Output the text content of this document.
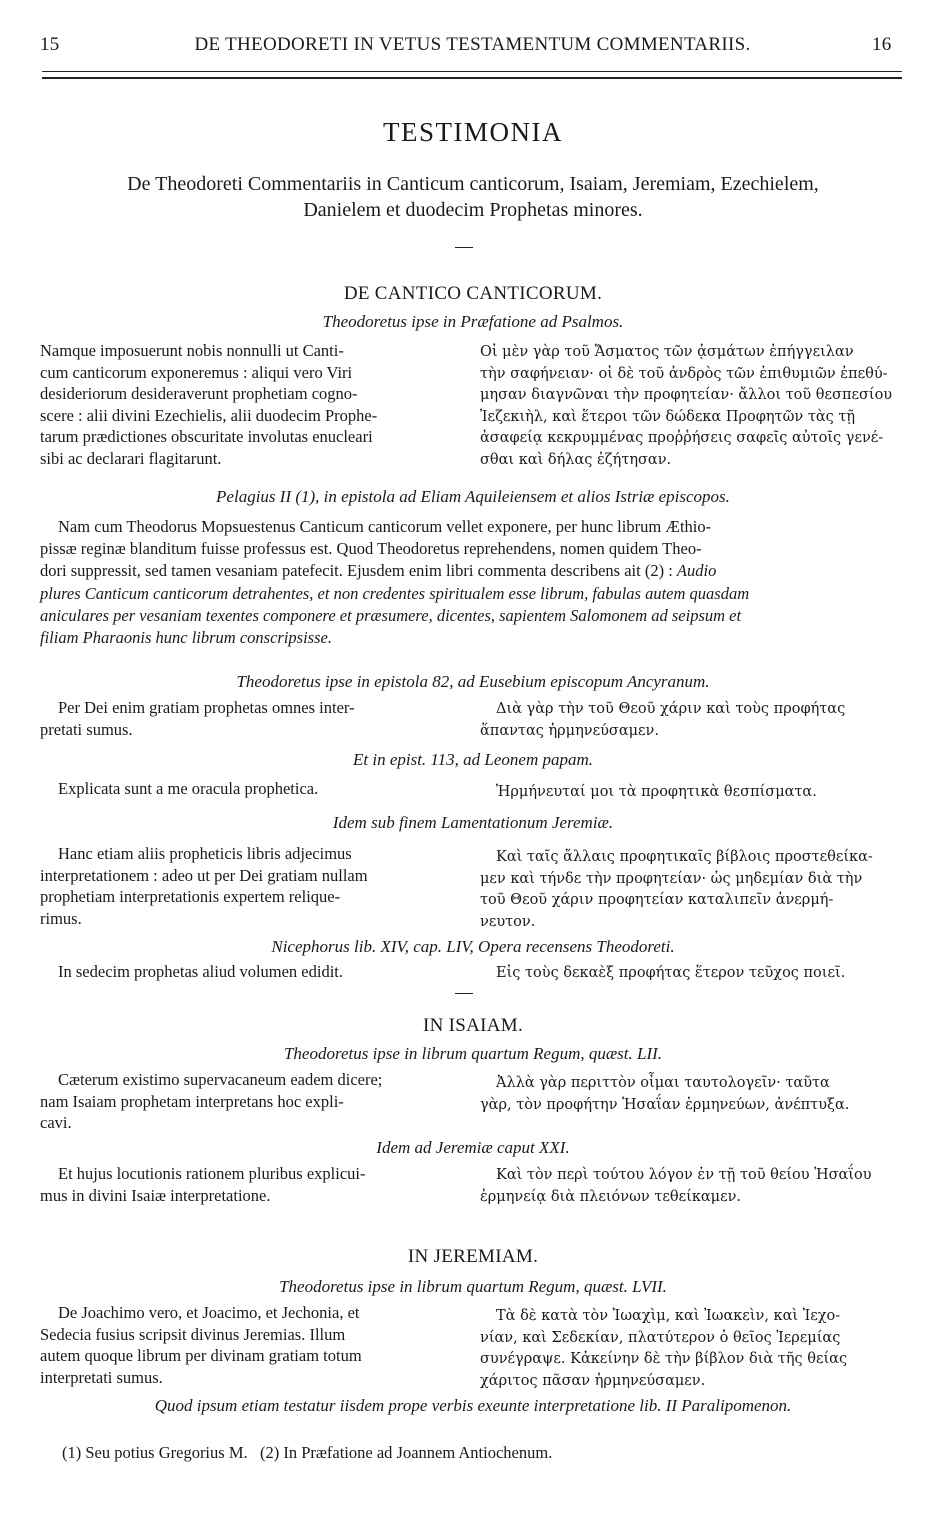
15	DE THEODORETI IN VETUS TESTAMENTUM COMMENTARIIS.	16
TESTIMONIA
De Theodoreti Commentariis in Canticum canticorum, Isaiam, Jeremiam, Ezechielem,
Danielem et duodecim Prophetas minores.
DE CANTICO CANTICORUM.
Theodoretus ipse in Præfatione ad Psalmos.
Namque imposuerunt nobis nonnulli ut Canti-
cum canticorum exponeremus : aliqui vero Viri
desideriorum desideraverunt prophetiam cogno-
scere : alii divini Ezechielis, alii duodecim Prophe-
tarum prædictiones obscuritate involutas enucleari
sibi ac declarari flagitarunt.
Οἱ μὲν γὰρ τοῦ Ἄσματος τῶν ᾀσμάτων ἐπήγγειλαν
τὴν σαφήνειαν· οἱ δὲ τοῦ ἀνδρὸς τῶν ἐπιθυμιῶν ἐπεθύ-
μησαν διαγνῶναι τὴν προφητείαν· ἄλλοι τοῦ θεσπεσίου
Ἰεζεκιὴλ, καὶ ἕτεροι τῶν δώδεκα Προφητῶν τὰς τῇ
ἀσαφείᾳ κεκρυμμένας προῤῥήσεις σαφεῖς αὐτοῖς γενέ-
σθαι καὶ δήλας ἐζήτησαν.
Pelagius II (1), in epistola ad Eliam Aquileiensem et alios Istriæ episcopos.
Nam cum Theodorus Mopsuestenus Canticum canticorum vellet exponere, per hunc librum Æthio-
pissæ reginæ blanditum fuisse professus est. Quod Theodoretus reprehendens, nomen quidem Theo-
dori suppressit, sed tamen vesaniam patefecit. Ejusdem enim libri commenta describens ait (2) : Audio
plures Canticum canticorum detrahentes, et non credentes spiritualem esse librum, fabulas autem quasdam
aniculares per vesaniam texentes componere et præsumere, dicentes, sapientem Salomonem ad seipsum et
filiam Pharaonis hunc librum conscripsisse.
Theodoretus ipse in epistola 82, ad Eusebium episcopum Ancyranum.
Per Dei enim gratiam prophetas omnes inter-
pretati sumus.
Διὰ γὰρ τὴν τοῦ Θεοῦ χάριν καὶ τοὺς προφήτας
ἅπαντας ἡρμηνεύσαμεν.
Et in epist. 113, ad Leonem papam.
Explicata sunt a me oracula prophetica.	Ἡρμήνευταί μοι τὰ προφητικὰ θεσπίσματα.
Idem sub finem Lamentationum Jeremiæ.
Hanc etiam aliis propheticis libris adjecimus
interpretationem : adeo ut per Dei gratiam nullam
prophetiam interpretationis expertem relique-
rimus.
Καὶ ταῖς ἄλλαις προφητικαῖς βίβλοις προστεθείκα-
μεν καὶ τήνδε τὴν προφητείαν· ὡς μηδεμίαν διὰ τὴν
τοῦ Θεοῦ χάριν προφητείαν καταλιπεῖν ἀνερμή-
νευτον.
Nicephorus lib. XIV, cap. LIV, Opera recensens Theodoreti.
In sedecim prophetas aliud volumen edidit.	Εἰς τοὺς δεκαὲξ προφήτας ἕτερον τεῦχος ποιεῖ.
IN ISAIAM.
Theodoretus ipse in librum quartum Regum, quæst. LII.
Cæterum existimo supervacaneum eadem dicere;
nam Isaiam prophetam interpretans hoc expli-
cavi.
Ἀλλὰ γὰρ περιττὸν οἶμαι ταυτολογεῖν· ταῦτα
γὰρ, τὸν προφήτην Ἡσαΐαν ἑρμηνεύων, ἀνέπτυξα.
Idem ad Jeremiæ caput XXI.
Et hujus locutionis rationem pluribus explicui-
mus in divini Isaiæ interpretatione.
Καὶ τὸν περὶ τούτου λόγον ἐν τῇ τοῦ θείου Ἡσαΐου
ἑρμηνείᾳ διὰ πλειόνων τεθείκαμεν.
IN JEREMIAM.
Theodoretus ipse in librum quartum Regum, quæst. LVII.
De Joachimo vero, et Joacimo, et Jechonia, et
Sedecia fusius scripsit divinus Jeremias. Illum
autem quoque librum per divinam gratiam totum
interpretati sumus.
Τὰ δὲ κατὰ τὸν Ἰωαχὶμ, καὶ Ἰωακεὶν, καὶ Ἰεχο-
νίαν, καὶ Σεδεκίαν, πλατύτερον ὁ θεῖος Ἱερεμίας
συνέγραψε. Κἀκείνην δὲ τὴν βίβλον διὰ τῆς θείας
χάριτος πᾶσαν ἡρμηνεύσαμεν.
Quod ipsum etiam testatur iisdem prope verbis exeunte interpretatione lib. II Paralipomenon.
(1) Seu potius Gregorius M.   (2) In Præfatione ad Joannem Antiochenum.
